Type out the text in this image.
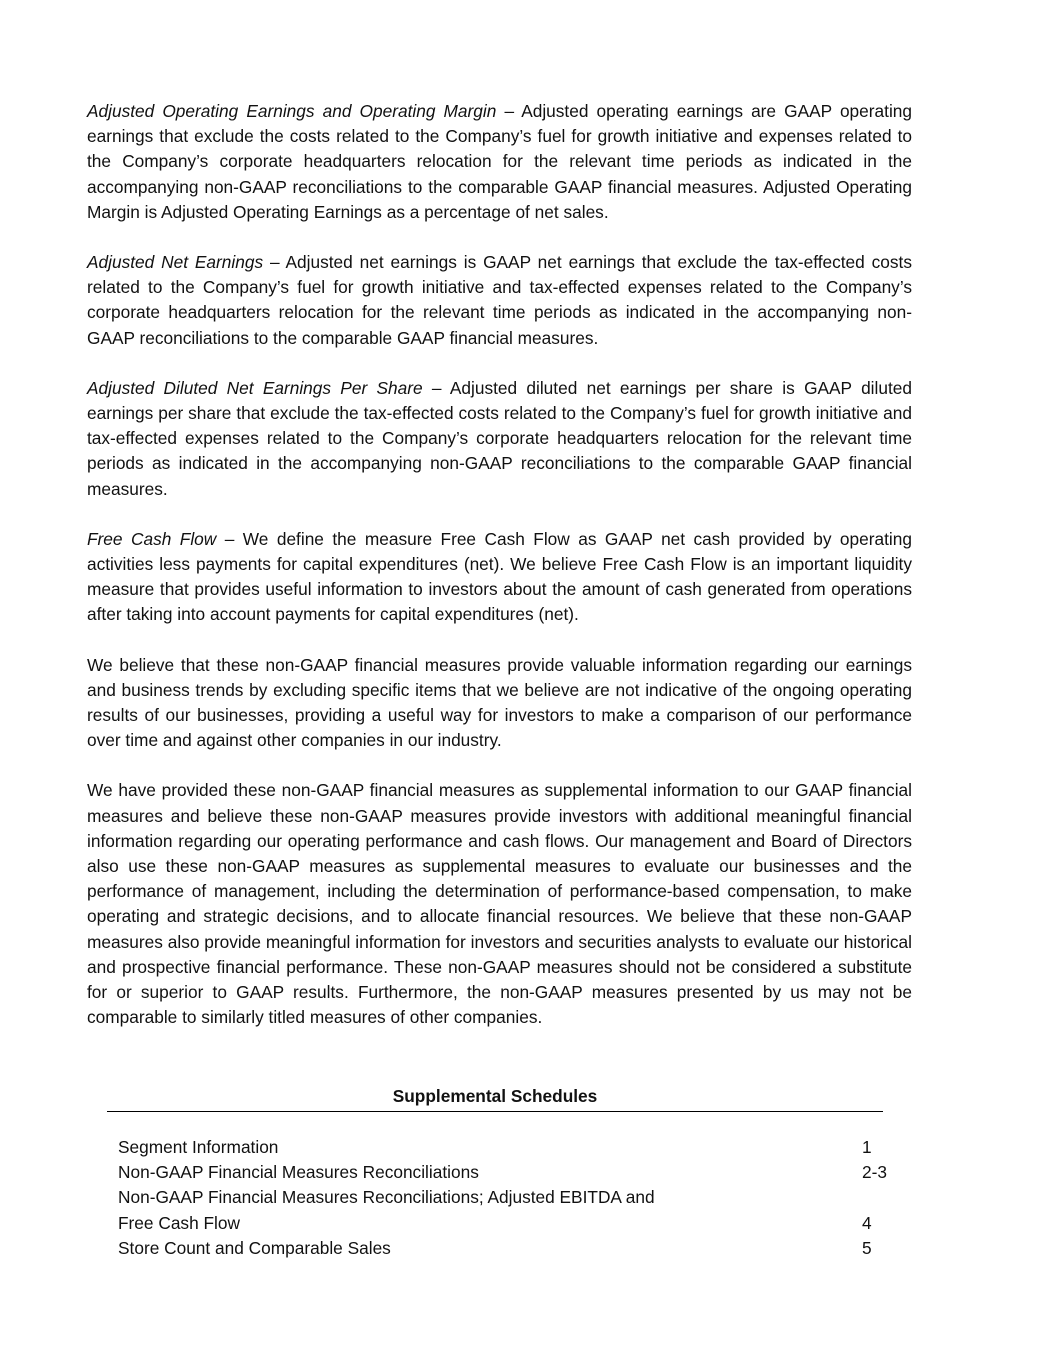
Adjusted Operating Earnings and Operating Margin – Adjusted operating earnings are GAAP operating earnings that exclude the costs related to the Company’s fuel for growth initiative and expenses related to the Company’s corporate headquarters relocation for the relevant time periods as indicated in the accompanying non-GAAP reconciliations to the comparable GAAP financial measures. Adjusted Operating Margin is Adjusted Operating Earnings as a percentage of net sales.

Adjusted Net Earnings – Adjusted net earnings is GAAP net earnings that exclude the tax-effected costs related to the Company’s fuel for growth initiative and tax-effected expenses related to the Company’s corporate headquarters relocation for the relevant time periods as indicated in the accompanying non-GAAP reconciliations to the comparable GAAP financial measures.

Adjusted Diluted Net Earnings Per Share – Adjusted diluted net earnings per share is GAAP diluted earnings per share that exclude the tax-effected costs related to the Company’s fuel for growth initiative and tax-effected expenses related to the Company’s corporate headquarters relocation for the relevant time periods as indicated in the accompanying non-GAAP reconciliations to the comparable GAAP financial measures.

Free Cash Flow – We define the measure Free Cash Flow as GAAP net cash provided by operating activities less payments for capital expenditures (net). We believe Free Cash Flow is an important liquidity measure that provides useful information to investors about the amount of cash generated from operations after taking into account payments for capital expenditures (net).

We believe that these non-GAAP financial measures provide valuable information regarding our earnings and business trends by excluding specific items that we believe are not indicative of the ongoing operating results of our businesses, providing a useful way for investors to make a comparison of our performance over time and against other companies in our industry.

We have provided these non-GAAP financial measures as supplemental information to our GAAP financial measures and believe these non-GAAP measures provide investors with additional meaningful financial information regarding our operating performance and cash flows. Our management and Board of Directors also use these non-GAAP measures as supplemental measures to evaluate our businesses and the performance of management, including the determination of performance-based compensation, to make operating and strategic decisions, and to allocate financial resources. We believe that these non-GAAP measures also provide meaningful information for investors and securities analysts to evaluate our historical and prospective financial performance. These non-GAAP measures should not be considered a substitute for or superior to GAAP results. Furthermore, the non-GAAP measures presented by us may not be comparable to similarly titled measures of other companies.

Supplemental Schedules
Segment Information	1
Non-GAAP Financial Measures Reconciliations	2-3
Non-GAAP Financial Measures Reconciliations; Adjusted EBITDA and
Free Cash Flow	4
Store Count and Comparable Sales	5
